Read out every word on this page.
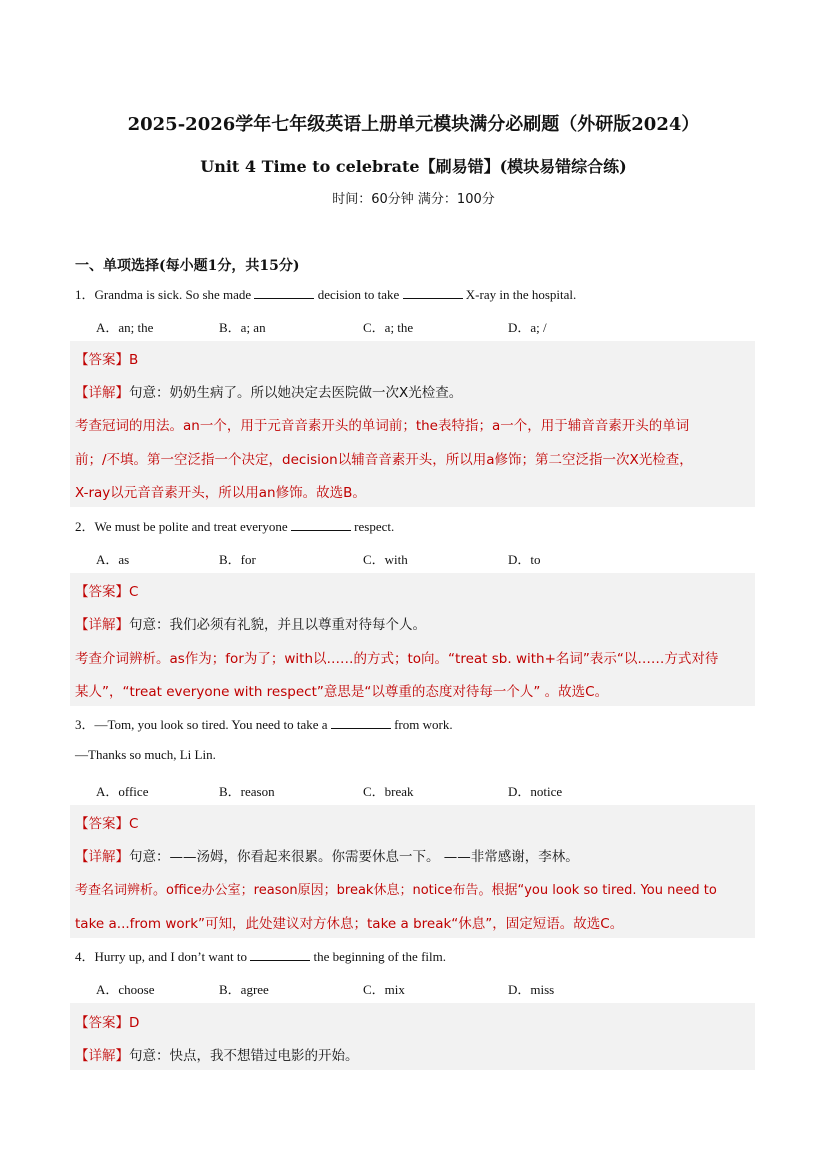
2025-2026学年七年级英语上册单元模块满分必刷题（外研版2024）
Unit 4 Time to celebrate【刷易错】(模块易错综合练)
时间：60分钟 满分：100分
一、单项选择(每小题1分，共15分)
1．Grandma is sick. So she made	decision to take	X-ray in the hospital.
A．an; the	B．a; an	C．a; the	D．a; /
【答案】B
【详解】句意：奶奶生病了。所以她决定去医院做一次X光检查。
考查冠词的用法。an一个，用于元音音素开头的单词前；the表特指；a一个，用于辅音音素开头的单词
前；/不填。第一空泛指一个决定，decision以辅音音素开头，所以用a修饰；第二空泛指一次X光检查，
X-ray以元音音素开头，所以用an修饰。故选B。
2．We must be polite and treat everyone	respect.
A．as	B．for	C．with	D．to
【答案】C
【详解】句意：我们必须有礼貌，并且以尊重对待每个人。
考查介词辨析。as作为；for为了；with以……的方式；to向。“treat sb. with+名词”表示“以……方式对待
某人”，“treat everyone with respect”意思是“以尊重的态度对待每一个人” 。故选C。
3．—Tom, you look so tired. You need to take a	from work.
—Thanks so much, Li Lin.
A．office	B．reason	C．break	D．notice
【答案】C
【详解】句意：——汤姆，你看起来很累。你需要休息一下。 ——非常感谢，李林。
考查名词辨析。office办公室；reason原因；break休息；notice布告。根据“you look so tired. You need to
take a...from work”可知，此处建议对方休息；take a break“休息”，固定短语。故选C。
4．Hurry up, and I don’t want to	the beginning of the film.
A．choose	B．agree	C．mix	D．miss
【答案】D
【详解】句意：快点，我不想错过电影的开始。
